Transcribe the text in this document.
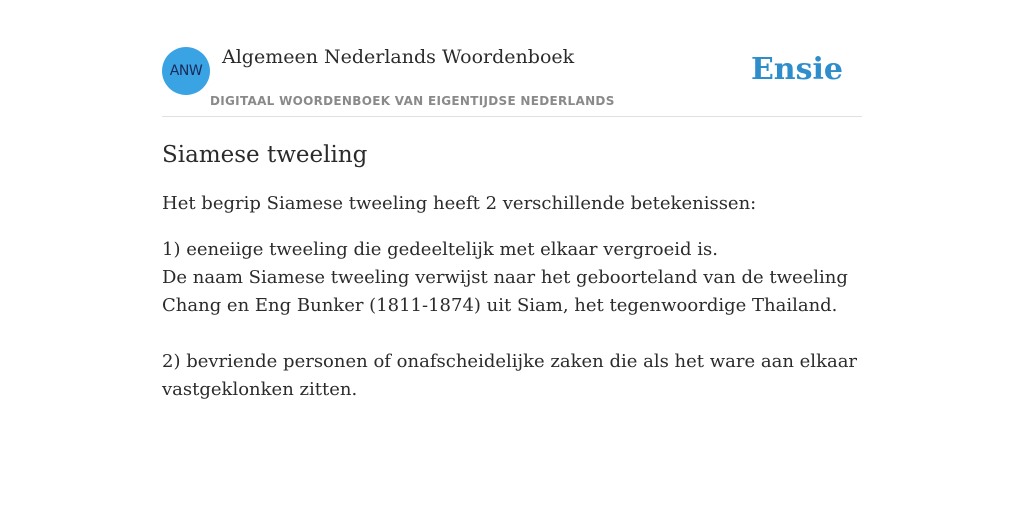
ANW
Algemeen Nederlands Woordenboek
DIGITAAL WOORDENBOEK VAN EIGENTIJDSE NEDERLANDS
Ensie
Siamese tweeling

Het begrip Siamese tweeling heeft 2 verschillende betekenissen:

1) eeneiige tweeling die gedeeltelijk met elkaar vergroeid is.

De naam Siamese tweeling verwijst naar het geboorteland van de tweeling Chang en Eng Bunker (1811-1874) uit Siam, het tegenwoordige Thailand.

2) bevriende personen of onafscheidelijke zaken die als het ware aan elkaar vastgeklonken zitten.
